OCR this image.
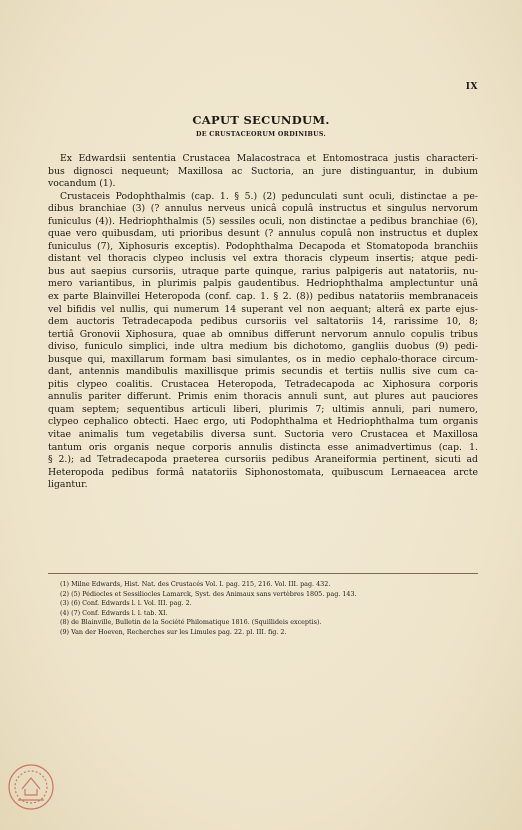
IX
CAPUT SECUNDUM.
DE CRUSTACEORUM ORDINIBUS.
Ex Edwardsii sententia Crustacea Malacostraca et Entomostraca justis characteri-
bus dignosci nequeunt; Maxillosa ac Suctoria, an jure distinguantur, in dubium
vocandum (1).
Crustaceis Podophthalmis (cap. 1. § 5.) (2) pedunculati sunt oculi, distinctae a pe-
dibus branchiae (3) (? annulus nerveus unicâ copulâ instructus et singulus nervorum
funiculus (4)). Hedriophthalmis (5) sessiles oculi, non distinctae a pedibus branchiae (6),
quae vero quibusdam, uti prioribus desunt (? annulus copulâ non instructus et duplex
funiculus (7), Xiphosuris exceptis). Podophthalma Decapoda et Stomatopoda branchiis
distant vel thoracis clypeo inclusis vel extra thoracis clypeum insertis; atque pedi-
bus aut saepius cursoriis, utraque parte quinque, rarius palpigeris aut natatoriis, nu-
mero variantibus, in plurimis palpis gaudentibus. Hedriophthalma amplectuntur unâ
ex parte Blainvillei Heteropoda (conf. cap. 1. § 2. (8)) pedibus natatoriis membranaceis
vel bifidis vel nullis, qui numerum 14 superant vel non aequant; alterâ ex parte ejus-
dem auctoris Tetradecapoda pedibus cursoriis vel saltatoriis 14, rarissime 10, 8;
tertiâ Gronovii Xiphosura, quae ab omnibus differunt nervorum annulo copulis tribus
diviso, funiculo simplici, inde ultra medium bis dichotomo, gangliis duobus (9) pedi-
busque qui, maxillarum formam basi simulantes, os in medio cephalo-thorace circum-
dant, antennis mandibulis maxillisque primis secundis et tertiis nullis sive cum ca-
pitis clypeo coalitis. Crustacea Heteropoda, Tetradecapoda ac Xiphosura corporis
annulis pariter differunt. Primis enim thoracis annuli sunt, aut plures aut pauciores
quam septem; sequentibus articuli liberi, plurimis 7; ultimis annuli, pari numero,
clypeo cephalico obtecti. Haec ergo, uti Podophthalma et Hedriophthalma tum organis
vitae animalis tum vegetabilis diversa sunt. Suctoria vero Crustacea et Maxillosa
tantum oris organis neque corporis annulis distincta esse animadvertimus (cap. 1.
§ 2.); ad Tetradecapoda praeterea cursoriis pedibus Araneiformia pertinent, sicuti ad
Heteropoda pedibus formâ natatoriis Siphonostomata, quibuscum Lernaeacea arcte
ligantur.
(1) Milne Edwards, Hist. Nat. des Crustacés Vol. I. pag. 215, 216. Vol. III. pag. 432.
(2) (5) Pédiocles et Sessiliocles Lamarck, Syst. des Animaux sans vertèbres 1805. pag. 143.
(3) (6) Conf. Edwards l. l. Vol. III. pag. 2.
(4) (7) Conf. Edwards l. l. tab. XI.
(8) de Blainville, Bulletin de la Société Philomatique 1816. (Squillideis exceptis).
(9) Van der Hoeven, Recherches sur les Limules pag. 22. pl. III. fig. 2.
